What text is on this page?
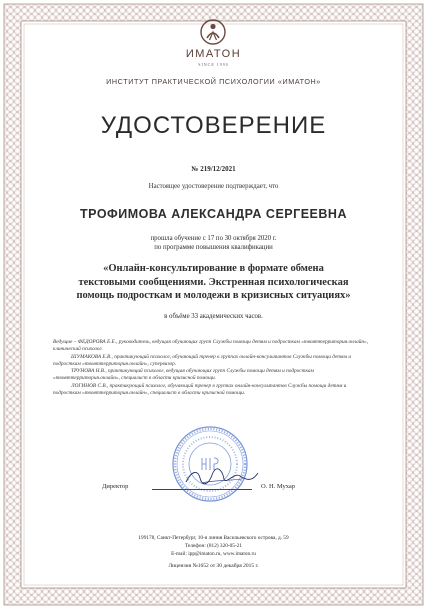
ИМАТОН
SINCE 1990
ИНСТИТУТ ПРАКТИЧЕСКОЙ ПСИХОЛОГИИ «ИМАТОН»
УДОСТОВЕРЕНИЕ
№ 219/12/2021
Настоящее удостоверение подтверждает, что
ТРОФИМОВА АЛЕКСАНДРА СЕРГЕЕВНА
прошла обучение с 17 по 30 октября 2020 г.
по программе повышения квалификации
«Онлайн-консультирование в формате обмена
текстовыми сообщениями. Экстренная психологическая
помощь подросткам и молодежи в кризисных ситуациях»
в объёме 33 академических часов.
Ведущие – ФЕДОРОВА Е.Е., руководитель, ведущая обучающих групп Службы помощи детям и подросткам «твояттерритория.онлайн», клинический психолог.
ШУМАКОВА Е.В., практикующий психолог, обучающий тренер в группах онлайн-консультантов Службы помощи детям и подросткам «твояттерритория.онлайн», супервизор.
ТРУНОВА Н.В., практикующий психолог, ведущая обучающих групп Службы помощи детям и подросткам «твояттерритория.онлайн», специалист в области кризисной помощи.
ЛОГИНОВ С.В., практикующий психолог, обучающий тренер в группах онлайн-консультантов Службы помощи детям и подросткам «твояттерритория.онлайн», специалист в области кризисной помощи.
Директор	О. Н. Мухар
199178, Санкт-Петербург, 10-я линия Васильевского острова, д. 59
Телефон: (812) 320-05-21
E-mail: ipp@imaton.ru, www.imaton.ru
Лицензия №1652 от 30 декабря 2015 г.
